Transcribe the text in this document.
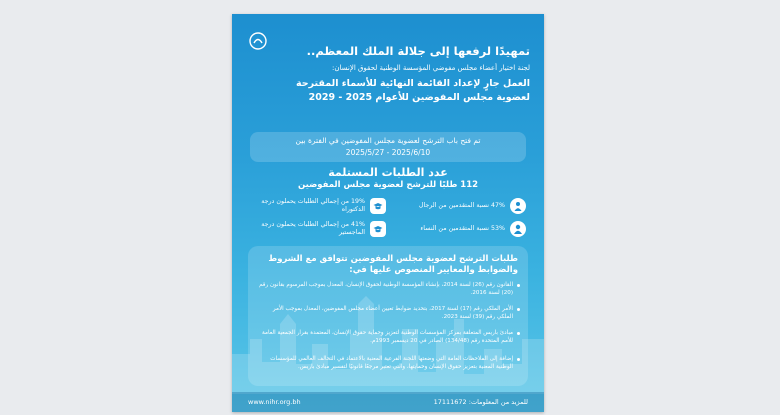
تمهيدًا لرفعها إلى جلالة الملك المعظم..
لجنة اختيار أعضاء مجلس مفوضي المؤسسة الوطنية لحقوق الإنسان:
العمل جارٍ لإعداد القائمة النهائية للأسماء المقترحة
لعضوية مجلس المفوضين للأعوام 2025 - 2029
تم فتح باب الترشح لعضوية مجلس المفوضين في الفترة بين
2025/5/27 - 2025/6/10
عدد الطلبات المستلمة
112 طلبًا للترشح لعضوية مجلس المفوضين
47% نسبة المتقدمين من الرجال
19% من إجمالي الطلبات يحملون درجة الدكتوراه
53% نسبة المتقدمين من النساء
41% من إجمالي الطلبات يحملون درجة الماجستير
طلبات الترشح لعضوية مجلس المفوضين تتوافق مع الشروط والضوابط والمعايير المنصوص عليها في:
القانون رقم (26) لسنة 2014، بإنشاء المؤسسة الوطنية لحقوق الإنسان، المعدل بموجب المرسوم بقانون رقم (20) لسنة 2016.
الأمر الملكي رقم (17) لسنة 2017، بتحديد ضوابط تعيين أعضاء مجلس المفوضين، المعدل بموجب الأمر الملكي رقم (39) لسنة 2023.
مبادئ باريس المتعلقة بمركز المؤسسات الوطنية لتعزيز وحماية حقوق الإنسان، المعتمدة بقرار الجمعية العامة للأمم المتحدة رقم (134/48) الصادر في 20 ديسمبر 1993م.
إضافة إلى الملاحظات العامة التي وضعتها اللجنة الفرعية المعنية بالاعتماد في التحالف العالمي للمؤسسات الوطنية المعنية بتعزيز حقوق الإنسان وحمايتها، والتي تعتبر مرجعًا قانونيًا لتفسير مبادئ باريس.
www.nihr.org.bh	للمزيد من المعلومات: 17111672
